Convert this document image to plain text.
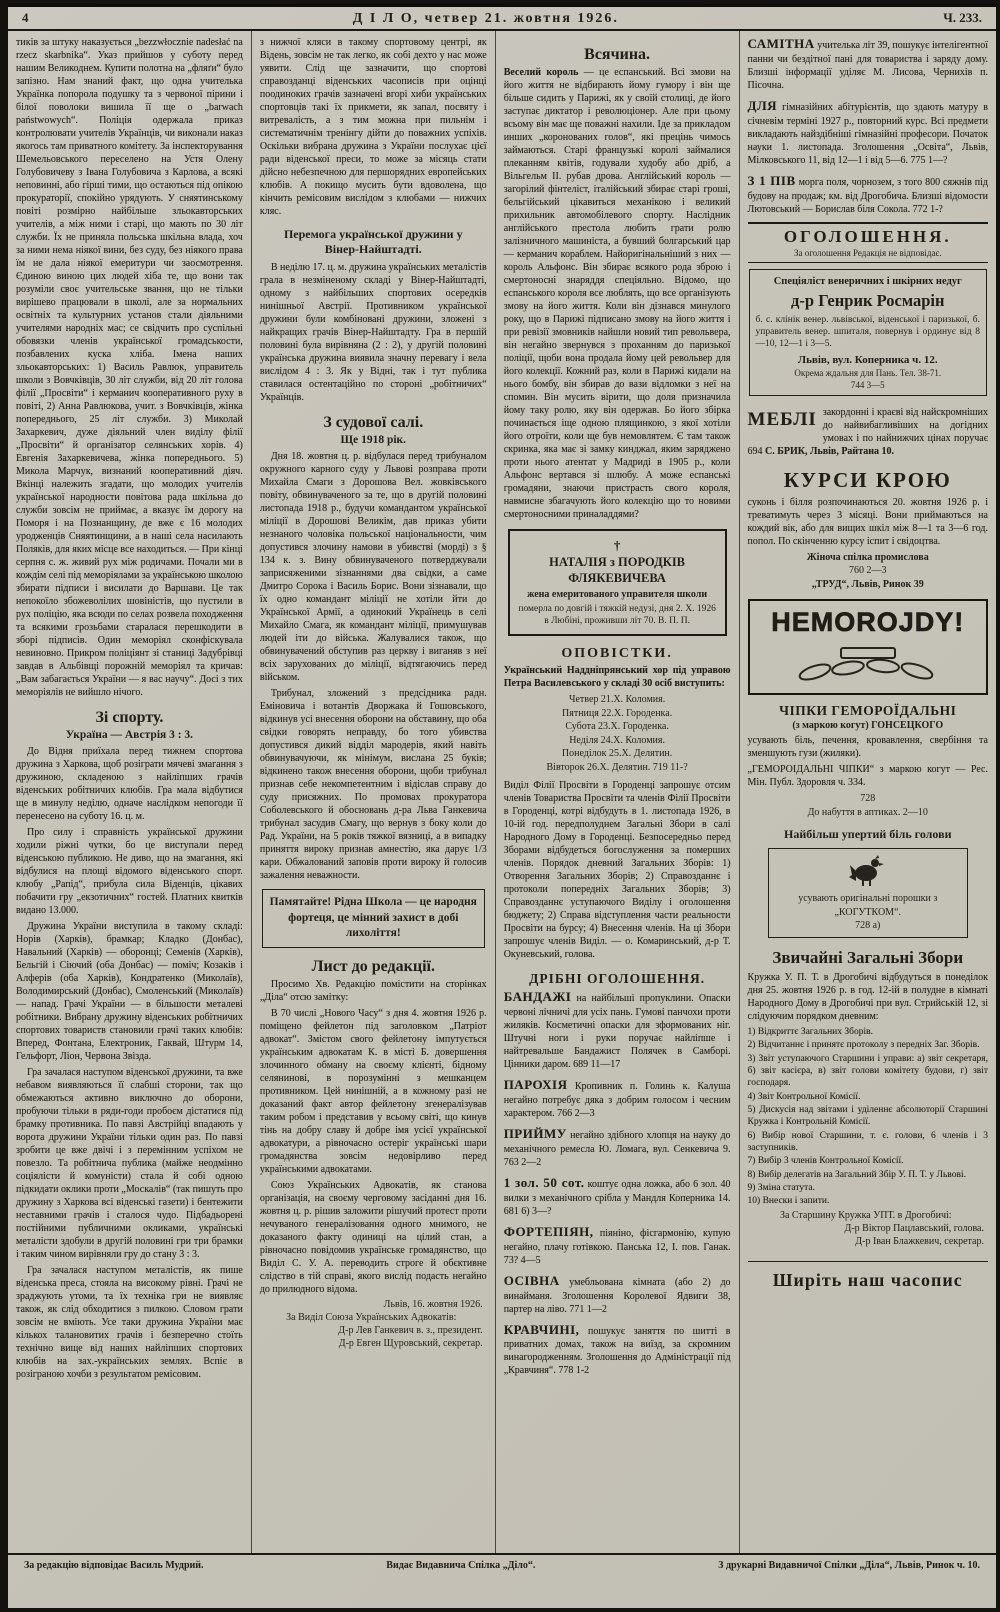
4	Д І Л О, четвер 21. жовтня 1926.	Ч. 233.

тиків за штуку наказується „bezzwłocznie nadesłać na rzecz skarbnika“. Указ прийшов у суботу перед нашим Великоднем. Купити полотна на „фляґи“ було запізно. Нам знаний факт, що одна учителька Українка попорола подушку та з червоної пірини і білої поволоки вишила її ще о „barwach państwowych“. Поліція одержала приказ контролювати учителів Українців, чи виконали наказ якогось там приватного комітету. За інспекторування Шемельовського переселено на Устя Олену Голубовичеву з Івана Голубовича з Карлова, а всякі неповинні, або гірші тими, що остаються під опікою прокураторії, спокійно урядують. У сняятинському повіті розмірно найбільше зльокавторських учителів, а між ними і старі, що мають по 30 літ служби. Їх не приняла польська шкільна влада, хоч за ними нема ніякої вини, без суду, без ніякого права їм не дала ніякої емеритури чи заосмотрення. Єдиною виною цих людей хіба те, що вони так розуміли своє учительське звання, що не тільки вирішево працювали в школі, але за нормальних освітніх та культурних установ стали діяльними учителями народніх мас; се свідчить про суспільні обовязки членів української громадськости, позбавлених куска хліба. Імена наших зльокавторських: 1) Василь Равлюк, управитель школи з Вовчківців, 30 літ служби, від 20 літ голова філії „Просвіти“ і керманич кооперативного руху в повіті, 2) Анна Равлюкова, учит. з Вовчківців, жінка попереднього, 25 літ служби. 3) Миколай Захаркевич, дуже діяльний член виділу філії „Просвіти“ й організатор селянських хорів. 4) Евгенія Захаркевичева, жінка попереднього. 5) Микола Марчук, визнаний кооперативний діяч. Вкінці належить згадати, що молодих учителів української народности повітова рада шкільна до служби зовсім не приймає, а вказує їм дорогу на Поморя і на Познанщину, де вже є 16 молодих уродженців Сняятинщини, а в наші села насилають Поляків, для яких місце все находиться. — При кінці серпня с. ж. живий рух між родичами. Почали ми в кождім селі під меморіялами за українською школою збирати підписи і висилати до Варшави. Це так непокоїло збожеволілих шовіністів, що пустили в рух поліцію, яка всюди по селах розвела походження та всякими грозьбами старалася перешкодити в зборі підписів. Один меморіял сконфіскувала невиновно. Прикром поліціянт зі станиці Задубрівці завдав в Альбівщі порожній меморіял та кричав: „Вам забагається України — я вас научу“. Досі з тих меморіялів не вийшло нічого.

Зі спорту.
Україна — Австрія 3 : 3.

До Відня приїхала перед тижнем спортова дружина з Харкова, щоб розіграти мячеві змагання з дружиною, складеною з найліпших грачів віденських робітничих клюбів. Гра мала відбутися ще в минулу неділю, одначе наслідком непогоди її перенесено на суботу 16. ц. м.

Про силу і справність української дружини ходили ріжні чутки, бо це виступали перед віденською публикою. Не диво, що на змагання, які відбулися на площі відомого віденського спорт. клюбу „Рапід“, прибула сила Віденців, цікавих побачити гру „екзотичних“ гостей. Платних квитків видано 13.000.

Дружина України виступила в такому складі: Норів (Харків), брамкар; Кладко (Донбас), Навальний (Харків) — оборонці; Семенів (Харків), Бельгій і Сіючий (оба Донбас) — поміч; Козаків і Алферів (оба Харків), Кондратенко (Миколаїв), Володимирський (Донбас), Смоленський (Миколаїв) — напад. Грачі України — в більшости металеві робітники. Вибрану дружину віденських робітничих спортових товариств становили грачі таких клюбів: Вперед, Фонтана, Електроник, Гаквай, Штурм 14, Гельфорт, Ліон, Червона Звізда.

Гра зачалася наступом віденської дружини, та вже небавом виявляються її слабші сторони, так що обмежаються активно виключно до оборони, пробуючи тільки в ряди-годи пробоєм дістатися під брамку противника. По павзі Австрійці впадають у ворота дружини України тільки один раз. По павзі зробити це вже двічі і з перемінним успіхом не повезло. Та робітнича публика (майже неодмінно соціялісти й комуністи) стала й собі одною підкидати оклики проти „Москалів“ (так пишуть про дружину з Харкова всі віденські газети) і бентежити неставними грачів і сталося чудо. Підбадьорені постійними публичними окликами, українські металісти здобули в другій половині гри три брамки і таким чином вирівняли гру до стану 3 : 3.

Гра зачалася наступом металістів, як пише віденська преса, стояла на високому рівні. Грачі не зраджують утоми, та їх техніка гри не виявляє також, як слід обходитися з пилкою. Словом грати зовсім не вміють. Усе таки дружина України має кількох талановитих грачів і безперечно стоїть технічно вище від наших найліпших спортових клюбів на зах.-українських землях. Вспіє в розіграною хочби з результатом ремісовим.

з нижчої кляси в такому спортовому центрі, як Відень, зовсім не так легко, як собі дехто у нас може уявити. Слід ще зазначити, що спортові справозданці віденських часописів при оцінці поодиноких грачів зазначені вгорі хиби українських спортовців такі їх прикмети, як запал, посвяту і витревалість, а з тим можна при пильнім і систематичнім тренінгу дійти до поважних успіхів. Оскільки вибрана дружина з України послухає цієї ради віденської преси, то може за місяць стати дійсно небезпечною для першорядних европейських клюбів. А покищо мусить бути вдоволена, що кінчить ремісовим вислідом з клюбами — нижчих кляс.

Перемога української дружини у Вінер-Найштадті.

В неділю 17. ц. м. дружина українських металістів грала в незміненому складі у Вінер-Найштадті, одному з найбільших спортових осередків нинішньої Австрії. Противником української дружини були комбіновані дружини, зложені з найкращих грачів Вінер-Найштадту. Гра в першій половині була вирівняна (2 : 2), у другій половині українська дружина виявила значну перевагу і вела вислідом 4 : 3. Як у Відні, так і тут публика ставилася остентаційно по стороні „робітничих“ Українців.

З судової салі.
Ще 1918 рік.

Дня 18. жовтня ц. р. відбулася перед трибуналом окружного карного суду у Львові розправа проти Михайла Смаги з Дорошова Вел. жовківського повіту, обвинуваченого за те, що в другій половині листопада 1918 р., будучи командантом української міліції в Дорошові Великім, дав приказ убити незнаного чоловіка польської національности, чим допустився злочину намови в убивстві (морді) з § 134 к. з. Вину обвинуваченого потверджували заприсяженими зізнаннями два свідки, а саме Дмитро Сорока і Василь Борис. Вони зізнавали, що їх одно командант міліції не хотіли йти до Української Армії, а одинокий Українець в селі Михайло Смага, як командант міліції, примушував людей іти до війська. Жалувалися також, що обвинувачений обступив раз церкву і виганяв з неї всіх зарухованих до міліції, відтягаючись перед військом.

Трибунал, зложений з предсідника радн. Еміновича і вотантів Дворжака й Гошовського, відкинув усі внесення оборони на обставину, що оба свідки говорять неправду, бо того убивства допустився дикий відділ мародерів, який навіть обвинувачуючи, як мінімум, вислана 25 буків; відкинено також внесення оборони, щоби трибунал признав себе некомпетентним і відіслав справу до суду присяжних. По промовах прокуратора Соболевського й обосновань д-ра Льва Ганкевича трибунал засудив Смагу, що вернув з боку коли до Рад. України, на 5 років тяжкої вязниці, а в випадку приняття вироку признав амнестію, яка дарує 1/3 кари. Обжалований заповів проти вироку й голосив зажалення неважности.

Памятайте! Рідна Школа — це народня фортеця, це мінний захист в добі лихоліття!
Лист до редакції.

Просимо Хв. Редакцію помістити на сторінках „Діла“ отсю замітку:

В 70 числі „Нового Часу“ з дня 4. жовтня 1926 р. поміщено фейлетон під заголовком „Патріот адвокат“. Змістом свого фейлетону імпутується українським адвокатам К. в місті Б. довершення злочинного обману на своєму клієнті, бідному селянинові, в порозумінні з мешканцем противником. Цей нинішній, а в кожному разі не доказаний факт автор фейлетону згенералізував таким робом і представив у всьому світі, що кинув тінь на добру славу й добре імя усієї української адвокатури, а рівночасно остеріг українські шари громадянства зовсім недовірливо перед українськими адвокатами.

Союз Українських Адвокатів, як станова організація, на своєму черговому засіданні дня 16. жовтня ц. р. рішив заложити рішучий протест проти нечуваного генералізовання одного мнимого, не доказаного факту одиниці на цілий стан, а рівночасно повідомив українське громадянство, що Виділ С. У. А. переводить строге й обєктивне слідство в тій справі, якого вислід подасть негайно до прилюдного відома.

Львів, 16. жовтня 1926.
За Виділ Союза Українських Адвокатів:
Д-р Лев Ганкевич в. з., президент.
Д-р Евген Щуровський, секретар.
Всячина.
Веселий король — це еспанський. Всі змови на його життя не відбирають йому гумору і він ще більше сидить у Парижі, як у своїй столиці, де його заступає диктатор і революціонер. Але при цьому всьому він має ще поважні нахили. Іде за прикладом инших „коронованих голов“, які прецінь чимось займаються. Старі французькі королі займалися плеканням квітів, годували худобу або дріб, а Вільгельм ІІ. рубав дрова. Англійський король — загорілий фінтеліст, італійський збирає старі гроші, бельгійський цікавиться механікою і великий прихильник автомобілевого спорту. Наслідник англійського престола любить грати ролю залізничного машиніста, а бувший болгарський цар — керманич кораблем. Найоригінальніший з них — король Альфонс. Він збирає всякого рода зброю і смертоносні знаряддя спеціяльно. Відомо, що еспанського короля все люблять, що все організують змову на його життя. Коли він дізнався минулого року, що в Парижі підписано змову на його життя і при ревізії змовників найшли новий тип револьвера, він негайно звернувся з проханням до паризької поліції, щоби вона продала йому цей револьвер для його колекції. Кожний раз, коли в Парижі кидали на нього бомбу, він збирав до вази відломки з неї на спомин. Він мусить вірити, що доля призначила йому таку ролю, яку він одержав. Бо його збірка починається іще одною плящинкою, з якої хотіли його отроїти, коли ще був немовлятем. Є там також скринка, яка має зі замку кинджал, яким заряджено проти нього атентат у Мадриді в 1905 р., коли Альфонс вертався зі шлюбу. А може еспанські громадяни, знаючи пристрасть свого короля, навмисне збагачують його колекцію що то новими смертоносними приналаддями?
†
НАТАЛІЯ з ПОРОДКІВ
ФЛЯКЕВИЧЕВА
жена емеритованого управителя школи
померла по довгій і тяжкій недузі, дня 2. X. 1926 в Любіні, проживши літ 70. В. П. П.
ОПОВІСТКИ.

Український Наддніпрянський хор під управою Петра Василевського у складі 30 осіб виступить:

Четвер 21.X. Коломия.
Пятниця 22.X. Городенка.
Субота 23.X. Городенка.
Неділя 24.X. Коломия.
Понеділок 25.X. Делятин.
Вівторок 26.X. Делятин. 719 11-?

Виділ Філії Просвіти в Городенці запрошує отсим членів Товариства Просвіти та членів Філії Просвіти в Городенці, котрі відбудуть в 1. листопада 1926, в 10-ій год. передполуднем Загальні Збори в салі Народного Дому в Городенці. Безпосередньо перед Зборами відбудеться богослуження за померших членів. Порядок дневний Загальних Зборів: 1) Отворення Загальних Зборів; 2) Справозданнє і протоколи попередніх Загальних Зборів; 3) Справозданнє уступаючого Виділу і оголошення бюджету; 2) Справа відступлення части реальности Просвіти на бурсу; 4) Внесення членів. На ці Збори запрошує членів Виділ. — о. Комаринський, д-р Т. Окуневський, голова.

ДРІБНІ ОГОЛОШЕННЯ.
БАНДАЖІ на найбільші пропуклини. Опаски червоні лічничі для усіх пань. Гумові панчохи проти жиляків. Косметичні опаски для зформованих ніг. Штучні ноги і руки поручає найліпше і найтревальше Бандажист Полячек в Самборі. Цінники даром. 689 11—17
ПАРОХІЯ Кропивник п. Голинь к. Калуша негайно потребує дяка з добрим голосом і чесним характером. 766 2—3
ПРИЙМУ негайно здібного хлопця на науку до механічного ремесла Ю. Ломага, вул. Сенкевича 9. 763 2—2
1 зол. 50 сот. коштує одна ложка, або 6 зол. 40 вилки з механічного срібла у Мандля Коперника 14. 681 6) 3—?
ФОРТЕПІЯН, піяніно, фісгармонію, купую негайно, плачу готівкою. Панська 12, І. пов. Ганак. 73? 4—5
ОСІВНА умебльована кімната (або 2) до винайманя. Зголошення Королевої Ядвиги 38, партер на ліво. 771 1—2
КРАВЧИНІ, пошукує заняття по шитті в приватних домах, також на виїзд, за скромним винагородженням. Зголошення до Адміністрації під „Кравчиня“. 778 1-2
САМІТНА учителька літ 39, пошукує інтелігентної панни чи бездітної пані для товариства і заряду дому. Близші інформації уділяє М. Лисова, Чернихів п. Пісочна.
ДЛЯ гімназійних абітурієнтів, що здають матуру в січневім терміні 1927 р., повторний курс. Всі предмети викладають найздібніші гімназійні професори. Початок науки 1. листопада. Зголошення „Освіта“, Львів, Мілковського 11, від 12—1 і від 5—6. 775 1—?
З 1 ПІВ морга поля, чорнозем, з того 800 сяжнів під будову на продаж; км. від Дрогобича. Близші відомости Лютовський — Борислав біля Сокола. 772 1-?
ОГОЛОШЕННЯ.
За оголошення Редакція не відповідає.
Спеціяліст венеричних і шкірних недуг
д-р Генрик Росмарін
б. с. клінік венер. львівської, віденської і паризької, б. управитель венер. шпиталя, повернув і ординує від 8—10, 12—1 і 3—5.
Львів, вул. Коперника ч. 12.
Окрема ждальня для Пань. Тел. 38-71.
744 3—5
МЕБЛІ закордонні і краєві від найскромніших до найвибагливіших на догідних умовах і по найнижчих цінах поручає 694 С. БРИК, Львів, Райтана 10.
КУРСИ КРОЮ

суконь і білля розпочинаються 20. жовтня 1926 р. і треватимуть через 3 місяці. Вони приймаються на кождий вік, або для вищих шкіл між 8—1 та 3—6 год. попол. По скінченню курсу іспит і свідоцтва.

Жіноча спілка промислова
760 2—3
„ТРУД“, Львів, Ринок 39
HEMOROJDY!
ЧІПКИ ГЕМОРОЇДАЛЬНІ
(з маркою когут) ГОНСЕЦКОГО

усувають біль, печення, кровавлення, свербіння та зменшують гузи (жиляки).

„ГЕМОРОІДАЛЬНІ ЧІПКИ“ з маркою когут — Рес. Мін. Публ. Здоровля ч. 334.

728
До набуття в аптиках. 2—10
Найбільш упертий біль голови
усувають оригінальні порошки з „КОГУТКОМ“.
728 а)
Звичайні Загальні Збори

Кружка У. П. Т. в Дрогобичі відбудуться в понеділок дня 25. жовтня 1926 р. в год. 12-ій в полудне в кімнаті Народного Дому в Дрогобичі при вул. Стрийській 12, зі слідуючим порядком дневним:

1) Відкриттє Загальних Зборів.
2) Відчитаннє і принятє протоколу з передніх Заг. Зборів.
3) Звіт уступаючого Старшини і управи: а) звіт секретаря, б) звіт касієра, в) звіт голови комітету будови, г) звіт господаря.
4) Звіт Контрольної Комісії.
5) Дискусія над звітами і уділеннє абсолюторії Старшині Кружка і Контрольній Комісії.
6) Вибір нової Старшини, т. є. голови, 6 членів і 3 заступників.
7) Вибір 3 членів Контрольної Комісії.
8) Вибір делегатів на Загальний Збір У. П. Т. у Львові.
9) Зміна статута.
10) Внески і запити.
За Старшину Кружка УПТ. в Дрогобичі:
Д-р Віктор Пацлавський, голова.
Д-р Іван Блажкевич, секретар.
Ширіть наш часопис
За редакцію відповідає Василь Мудрий.	Видає Видавнича Спілка „Діло“.	З друкарні Видавничої Спілки „Діла“, Львів, Ринок ч. 10.
